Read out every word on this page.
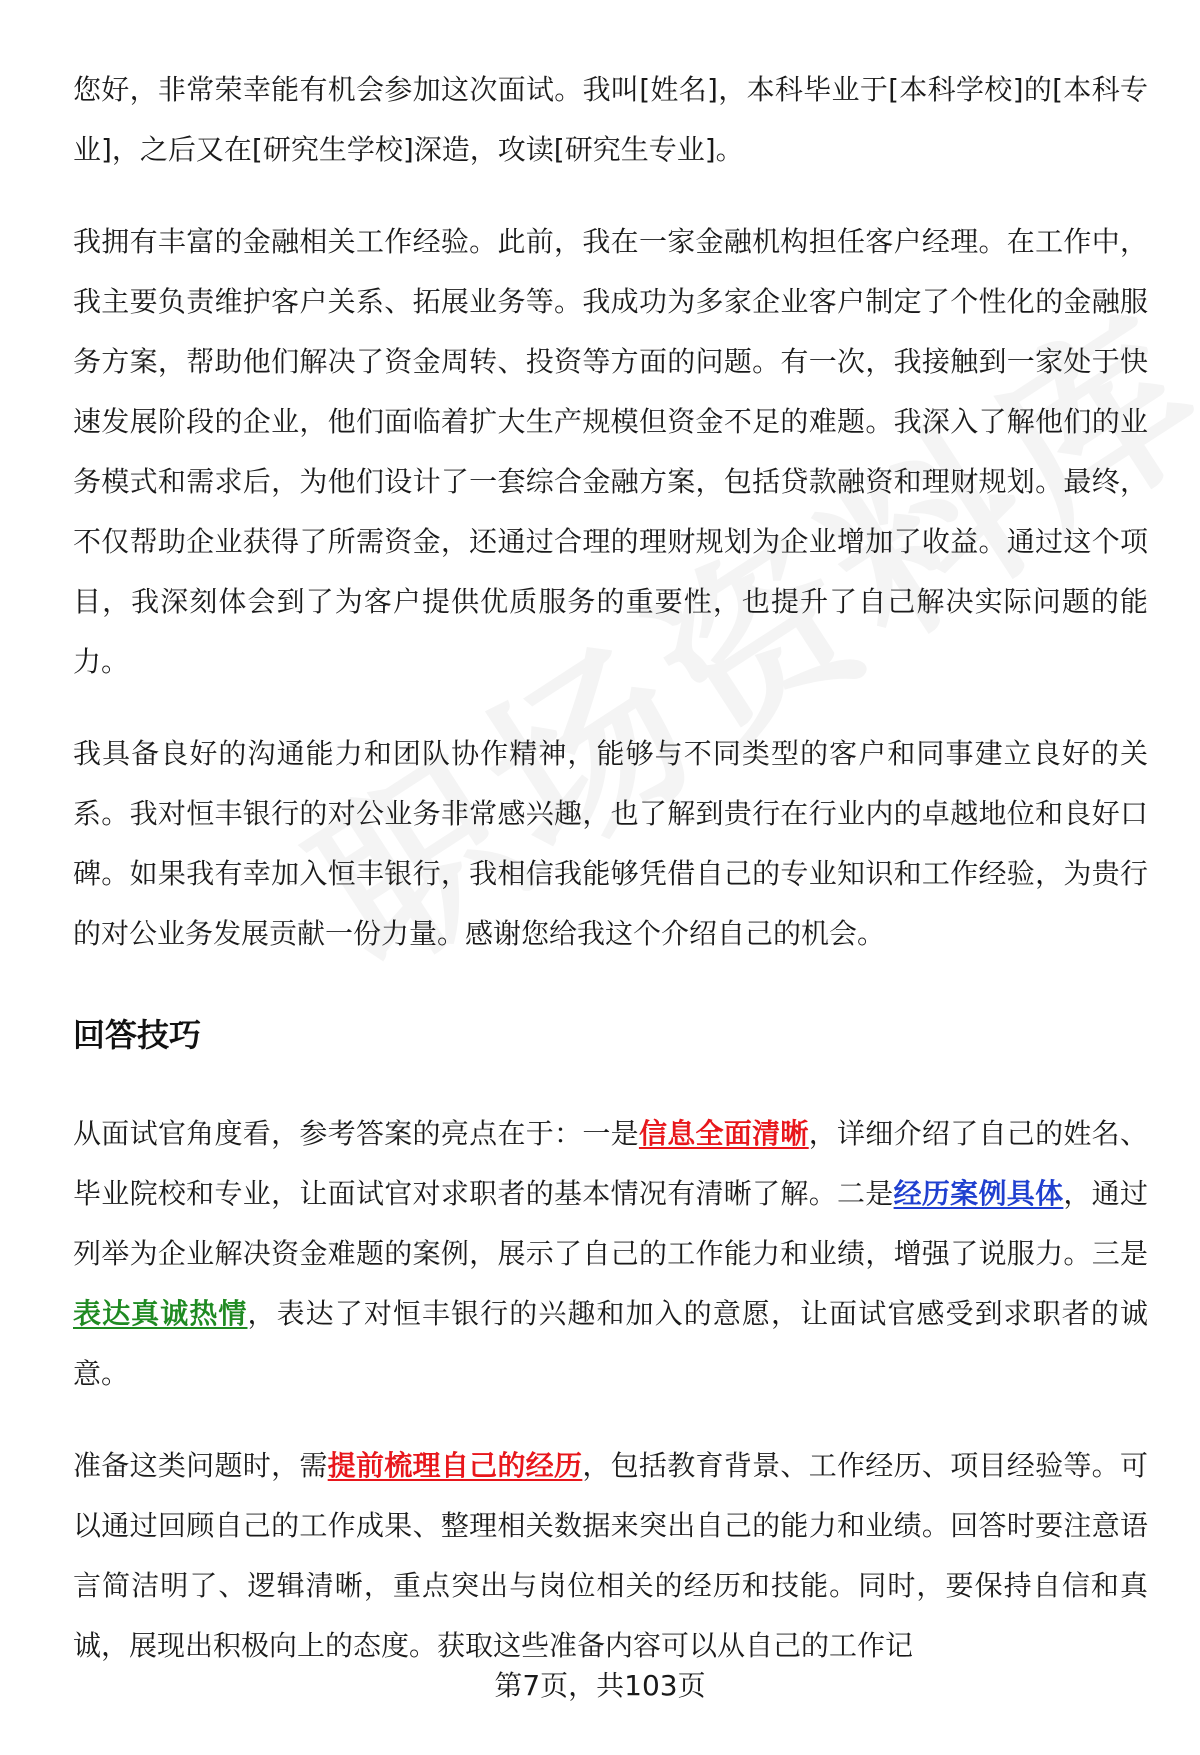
您好，非常荣幸能有机会参加这次面试。我叫[姓名]，本科毕业于[本科学校]的[本科专业]，之后又在[研究生学校]深造，攻读[研究生专业]。

我拥有丰富的金融相关工作经验。此前，我在一家金融机构担任客户经理。在工作中，我主要负责维护客户关系、拓展业务等。我成功为多家企业客户制定了个性化的金融服务方案，帮助他们解决了资金周转、投资等方面的问题。有一次，我接触到一家处于快速发展阶段的企业，他们面临着扩大生产规模但资金不足的难题。我深入了解他们的业务模式和需求后，为他们设计了一套综合金融方案，包括贷款融资和理财规划。最终，不仅帮助企业获得了所需资金，还通过合理的理财规划为企业增加了收益。通过这个项目，我深刻体会到了为客户提供优质服务的重要性，也提升了自己解决实际问题的能力。

我具备良好的沟通能力和团队协作精神，能够与不同类型的客户和同事建立良好的关系。我对恒丰银行的对公业务非常感兴趣，也了解到贵行在行业内的卓越地位和良好口碑。如果我有幸加入恒丰银行，我相信我能够凭借自己的专业知识和工作经验，为贵行的对公业务发展贡献一份力量。感谢您给我这个介绍自己的机会。

回答技巧

从面试官角度看，参考答案的亮点在于：一是信息全面清晰，详细介绍了自己的姓名、毕业院校和专业，让面试官对求职者的基本情况有清晰了解。二是经历案例具体，通过列举为企业解决资金难题的案例，展示了自己的工作能力和业绩，增强了说服力。三是表达真诚热情，表达了对恒丰银行的兴趣和加入的意愿，让面试官感受到求职者的诚意。

准备这类问题时，需提前梳理自己的经历，包括教育背景、工作经历、项目经验等。可以通过回顾自己的工作成果、整理相关数据来突出自己的能力和业绩。回答时要注意语言简洁明了、逻辑清晰，重点突出与岗位相关的经历和技能。同时，要保持自信和真诚，展现出积极向上的态度。获取这些准备内容可以从自己的工作记

第7页，共103页
